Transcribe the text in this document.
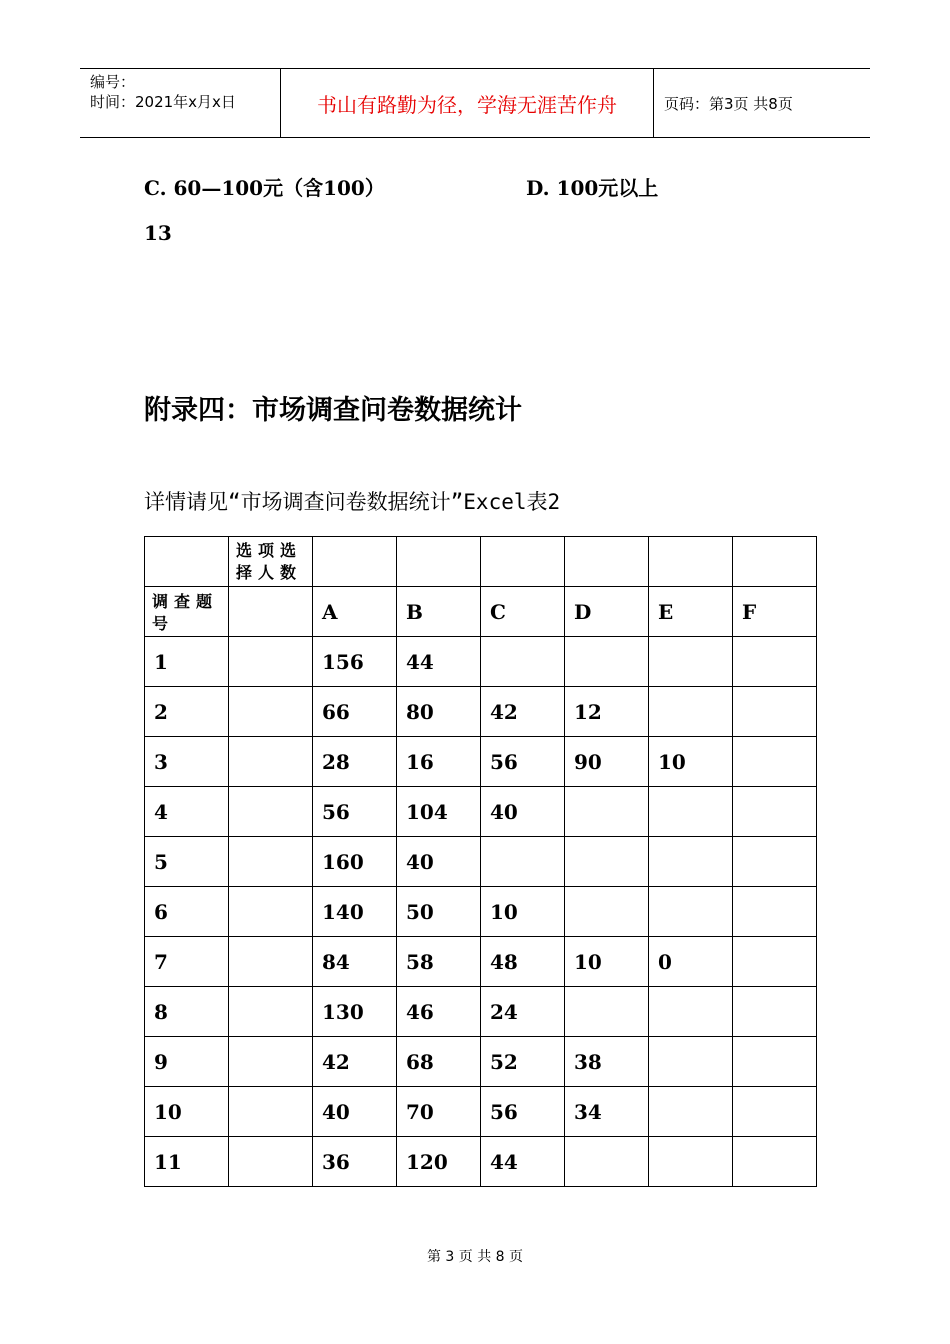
编号：
时间：2021年x月x日	书山有路勤为径，学海无涯苦作舟	页码：第3页 共8页
C. 60—100元（含100）	D. 100元以上
13
附录四：市场调查问卷数据统计
详情请见“市场调查问卷数据统计”Excel表2
	选项选择人数						
调查题号		A	B	C	D	E	F
1		156	44				
2		66	80	42	12		
3		28	16	56	90	10	
4		56	104	40			
5		160	40				
6		140	50	10			
7		84	58	48	10	0	
8		130	46	24			
9		42	68	52	38		
10		40	70	56	34		
11		36	120	44			
第 3 页 共 8 页
